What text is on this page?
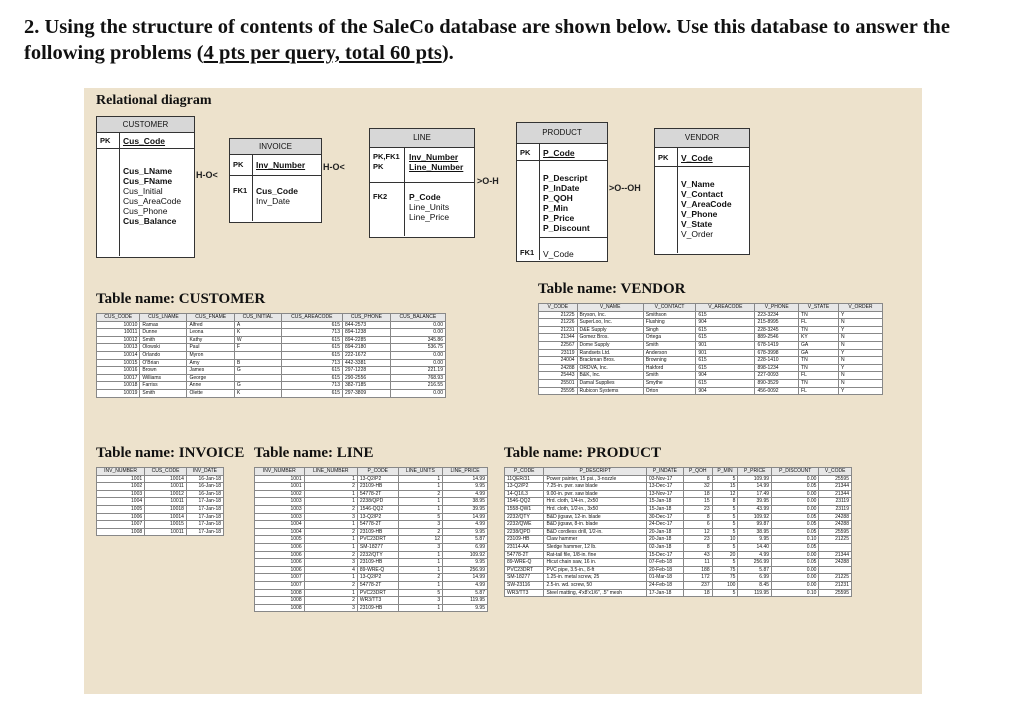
2. Using the structure of contents of the SaleCo database are shown below. Use this database to answer the following problems (4 pts per query, total 60 pts).
Relational diagram
CUSTOMER
PK Cus_Code
Cus_LName
Cus_FName
Cus_Initial
Cus_AreaCode
Cus_Phone
Cus_Balance
INVOICE
PK Inv_Number
FK1 Cus_Code
Inv_Date
LINE
PK,FK1
PK
Inv_Number
Line_Number
FK2	P_Code
Line_Units
Line_Price
PRODUCT
PK P_Code
FK1
P_Descript
P_InDate
P_QOH
P_Min
P_Price
P_Discount
V_Code
VENDOR
PK V_Code
V_Name
V_Contact
V_AreaCode
V_Phone
V_State
V_Order
H-O<
H-O<
>O-H
>O--OH
Table name: CUSTOMER
Table name: VENDOR
Table name: INVOICE Table name: LINE	Table name: PRODUCT
CUS_CODE	CUS_LNAME	CUS_FNAME	CUS_INITIAL	CUS_AREACODE	CUS_PHONE	CUS_BALANCE
10010	Ramas	Alfred	A	615	844-2573	0.00
10011	Dunne	Leona	K	713	894-1238	0.00
10012	Smith	Kathy	W	615	894-2285	345.86
10013	Olowski	Paul	F	615	894-2180	536.75
10014	Orlando	Myron		615	222-1672	0.00
10015	O'Brian	Amy	B	713	442-3381	0.00
10016	Brown	James	G	615	297-1228	221.19
10017	Williams	George		615	290-2556	768.93
10018	Farriss	Anne	G	713	382-7185	216.55
10019	Smith	Olette	K	615	297-3809	0.00
V_CODE	V_NAME	V_CONTACT	V_AREACODE	V_PHONE	V_STATE	V_ORDER
21225	Bryson, Inc.	Smithson	615	223-3234	TN	Y
21226	SuperLoo, Inc.	Flushing	904	215-8995	FL	N
21231	D&E Supply	Singh	615	228-3245	TN	Y
21344	Gomez Bros.	Ortega	615	889-2546	KY	N
22567	Dome Supply	Smith	901	678-1419	GA	N
23119	Randsets Ltd.	Anderson	901	678-3998	GA	Y
24004	Brackman Bros.	Browning	615	228-1410	TN	N
24288	ORDVA, Inc.	Hakford	615	898-1234	TN	Y
25443	B&K, Inc.	Smith	904	227-0093	FL	N
25501	Damal Supplies	Smythe	615	890-3529	TN	N
25595	Rubicon Systems	Orton	904	456-0092	FL	Y
INV_NUMBER	CUS_CODE	INV_DATE
1001	10014	16-Jan-18
1002	10011	16-Jan-18
1003	10012	16-Jan-18
1004	10011	17-Jan-18
1005	10018	17-Jan-18
1006	10014	17-Jan-18
1007	10015	17-Jan-18
1008	10011	17-Jan-18
INV_NUMBER	LINE_NUMBER	P_CODE	LINE_UNITS	LINE_PRICE
1001	1	13-Q2/P2	1	14.99
1001	2	23109-HB	1	9.95
1002	1	54778-2T	2	4.99
1003	1	2238/QPD	1	38.95
1003	2	1546-QQ2	1	39.95
1003	3	13-Q2/P2	5	14.99
1004	1	54778-2T	3	4.99
1004	2	23109-HB	2	9.95
1005	1	PVC23DRT	12	5.87
1006	1	SM-18277	3	6.99
1006	2	2232/QTY	1	109.92
1006	3	23109-HB	1	9.95
1006	4	89-WRE-Q	1	256.99
1007	1	13-Q2/P2	2	14.99
1007	2	54778-2T	1	4.99
1008	1	PVC23DRT	5	5.87
1008	2	WR3/TT3	3	119.95
1008	3	23109-HB	1	9.95
P_CODE	P_DESCRIPT	P_INDATE	P_QOH	P_MIN	P_PRICE	P_DISCOUNT	V_CODE
11QER/31	Power painter, 15 psi., 3-nozzle	03-Nov-17	8	5	109.99	0.00	25595
13-Q2/P2	7.25-in. pwr. saw blade	13-Dec-17	32	15	14.99	0.05	21344
14-Q1/L3	9.00-in. pwr. saw blade	13-Nov-17	18	12	17.49	0.00	21344
1546-QQ2	Hrd. cloth, 1/4-in., 2x50	15-Jan-18	15	8	39.95	0.00	23119
1558-QW1	Hrd. cloth, 1/2-in., 3x50	15-Jan-18	23	5	43.99	0.00	23119
2232/QTY	B&D jigsaw, 12-in. blade	30-Dec-17	8	5	109.92	0.05	24288
2232/QWE	B&D jigsaw, 8-in. blade	24-Dec-17	6	5	99.87	0.05	24288
2238/QPD	B&D cordless drill, 1/2-in.	20-Jan-18	12	5	38.95	0.05	25595
23109-HB	Claw hammer	20-Jan-18	23	10	9.95	0.10	21225
23114-AA	Sledge hammer, 12 lb.	02-Jan-18	8	5	14.40	0.05	
54778-2T	Rat-tail file, 1/8-in. fine	15-Dec-17	43	20	4.99	0.00	21344
89-WRE-Q	Hicut chain saw, 16 in.	07-Feb-18	11	5	256.99	0.05	24288
PVC23DRT	PVC pipe, 3.5-in., 8-ft	20-Feb-18	188	75	5.87	0.00	
SM-18277	1.25-in. metal screw, 25	01-Mar-18	172	75	6.99	0.00	21225
SW-23116	2.5-in. wd. screw, 50	24-Feb-18	237	100	8.45	0.00	21231
WR3/TT3	Steel matting, 4'x8'x1/6", .5" mesh	17-Jan-18	18	5	119.95	0.10	25595
